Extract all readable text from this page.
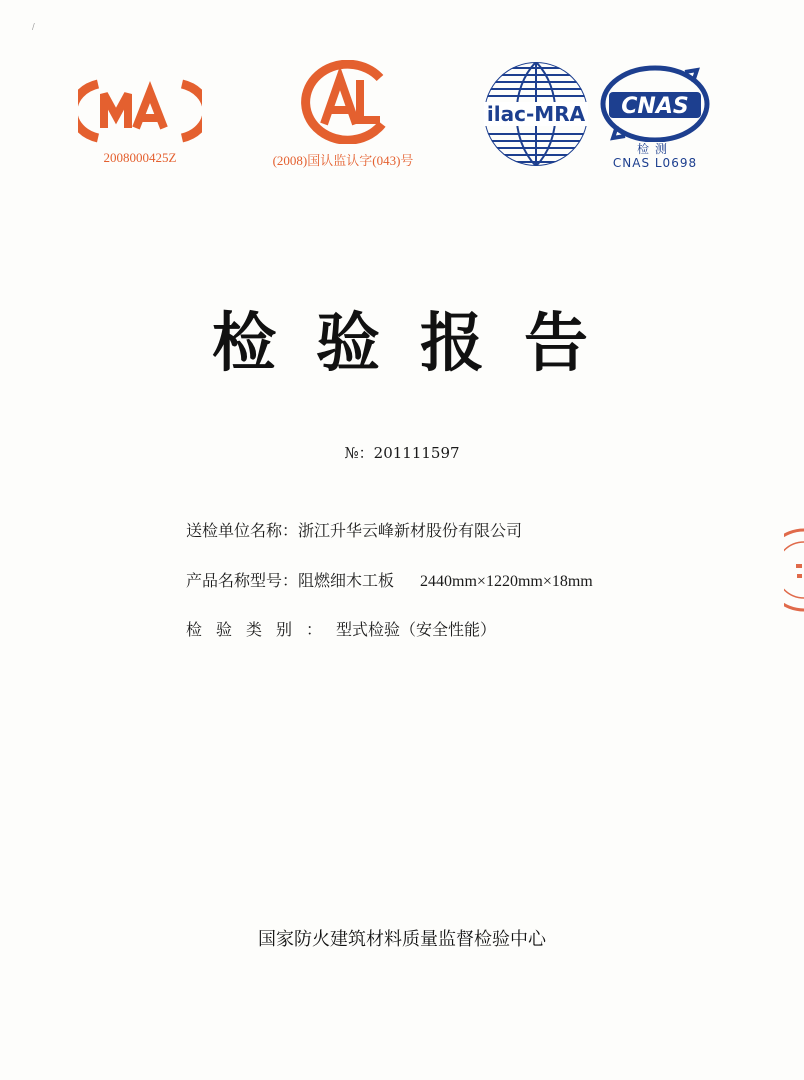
/
2008000425Z	(2008)国认监认字(043)号
ilac-MRA CNAS
检测
CNAS L0698
检验报告
№：201111597
送检单位名称：浙江升华云峰新材股份有限公司
产品名称型号：阻燃细木工板 2440mm×1220mm×18mm
检验类别：型式检验（安全性能）
国家防火建筑材料质量监督检验中心
